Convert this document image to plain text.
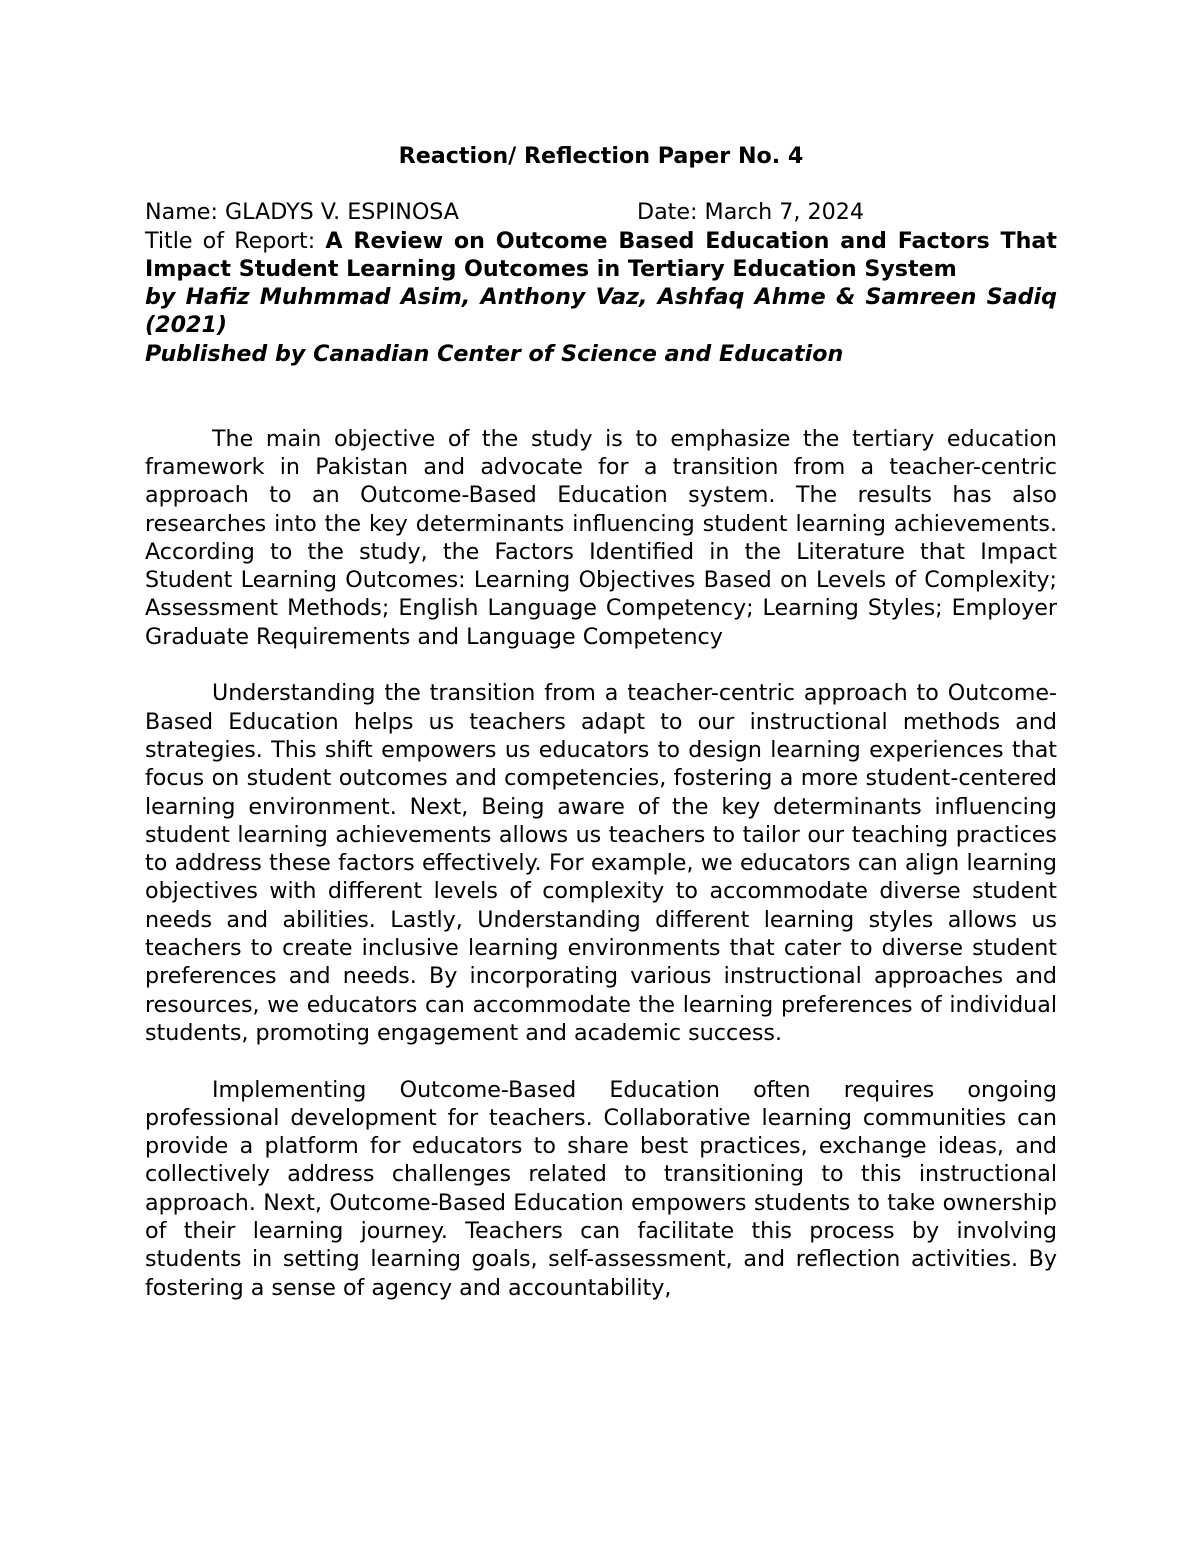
Reaction/ Reflection Paper No. 4

Name: GLADYS V. ESPINOSA	Date: March 7, 2024

Title of Report: A Review on Outcome Based Education and Factors That Impact Student Learning Outcomes in Tertiary Education System

by Hafiz Muhmmad Asim, Anthony Vaz, Ashfaq Ahme & Samreen Sadiq (2021)

Published by Canadian Center of Science and Education

The main objective of the study is to emphasize the tertiary education framework in Pakistan and advocate for a transition from a teacher-centric approach to an Outcome-Based Education system. The results has also researches into the key determinants influencing student learning achievements. According to the study, the Factors Identified in the Literature that Impact Student Learning Outcomes: Learning Objectives Based on Levels of Complexity; Assessment Methods; English Language Competency; Learning Styles; Employer Graduate Requirements and Language Competency

Understanding the transition from a teacher-centric approach to Outcome-Based Education helps us teachers adapt to our instructional methods and strategies. This shift empowers us educators to design learning experiences that focus on student outcomes and competencies, fostering a more student-centered learning environment. Next, Being aware of the key determinants influencing student learning achievements allows us teachers to tailor our teaching practices to address these factors effectively. For example, we educators can align learning objectives with different levels of complexity to accommodate diverse student needs and abilities. Lastly, Understanding different learning styles allows us teachers to create inclusive learning environments that cater to diverse student preferences and needs. By incorporating various instructional approaches and resources, we educators can accommodate the learning preferences of individual students, promoting engagement and academic success.

Implementing Outcome-Based Education often requires ongoing professional development for teachers. Collaborative learning communities can provide a platform for educators to share best practices, exchange ideas, and collectively address challenges related to transitioning to this instructional approach. Next, Outcome-Based Education empowers students to take ownership of their learning journey. Teachers can facilitate this process by involving students in setting learning goals, self-assessment, and reflection activities. By fostering a sense of agency and accountability,
